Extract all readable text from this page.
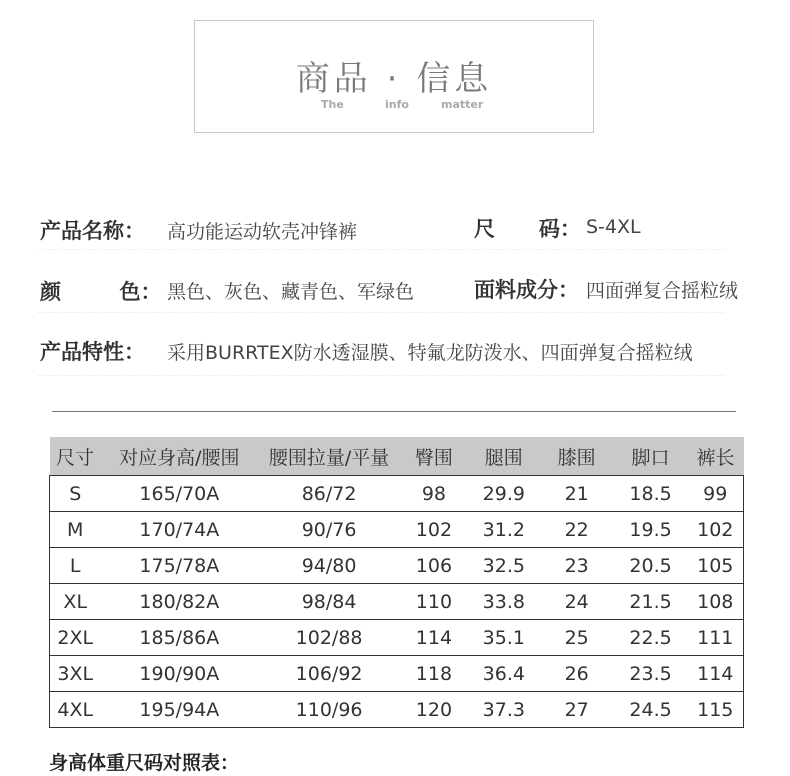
商品 · 信息
The	info	matter
产品名称： 高功能运动软壳冲锋裤	尺      码： S-4XL
颜        色： 黑色、灰色、藏青色、军绿色	面料成分： 四面弹复合摇粒绒
产品特性： 采用BURRTEX防水透湿膜、特氟龙防泼水、四面弹复合摇粒绒
尺寸	对应身高/腰围	腰围拉量/平量	臀围	腿围	膝围	脚口	裤长
S	165/70A	86/72	98	29.9	21	18.5	99
M	170/74A	90/76	102	31.2	22	19.5	102
L	175/78A	94/80	106	32.5	23	20.5	105
XL	180/82A	98/84	110	33.8	24	21.5	108
2XL	185/86A	102/88	114	35.1	25	22.5	111
3XL	190/90A	106/92	118	36.4	26	23.5	114
4XL	195/94A	110/96	120	37.3	27	24.5	115
身高体重尺码对照表：
